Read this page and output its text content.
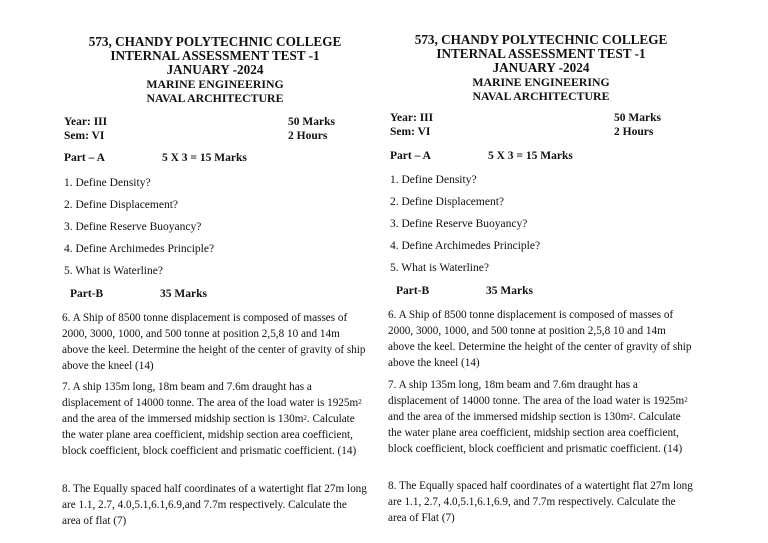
573, CHANDY POLYTECHNIC COLLEGE
INTERNAL ASSESSMENT TEST -1
JANUARY -2024
MARINE ENGINEERING
NAVAL ARCHITECTURE
Year: III	50 Marks
Sem: VI	2 Hours
Part – A	5 X 3 = 15 Marks
1. Define Density?
2. Define Displacement?
3. Define Reserve Buoyancy?
4. Define Archimedes Principle?
5. What is Waterline?
Part-B	35 Marks
6. A Ship of 8500 tonne displacement is composed of masses of 2000, 3000, 1000, and 500 tonne at position 2,5,8 10 and 14m above the keel. Determine the height of the center of gravity of ship above the kneel (14)
7. A ship 135m long, 18m beam and 7.6m draught has a displacement of 14000 tonne. The area of the load water is $1925m^2$ and the area of the immersed midship section is $130m^2$. Calculate the water plane area coefficient, midship section area coefficient, block coefficient, block coefficient and prismatic coefficient. (14)
8. The Equally spaced half coordinates of a watertight flat 27m long are 1.1, 2.7, 4.0,5.1,6.1,6.9,and 7.7m respectively. Calculate the area of flat (7)
573, CHANDY POLYTECHNIC COLLEGE
INTERNAL ASSESSMENT TEST -1
JANUARY -2024
MARINE ENGINEERING
NAVAL ARCHITECTURE
Year: III	50 Marks
Sem: VI	2 Hours
Part – A	5 X 3 = 15 Marks
1. Define Density?
2. Define Displacement?
3. Define Reserve Buoyancy?
4. Define Archimedes Principle?
5. What is Waterline?
Part-B	35 Marks
6. A Ship of 8500 tonne displacement is composed of masses of 2000, 3000, 1000, and 500 tonne at position 2,5,8 10 and 14m above the keel. Determine the height of the center of gravity of ship above the kneel (14)
7. A ship 135m long, 18m beam and 7.6m draught has a displacement of 14000 tonne. The area of the load water is $1925m^2$ and the area of the immersed midship section is $130m^2$. Calculate the water plane area coefficient, midship section area coefficient, block coefficient, block coefficient and prismatic coefficient. (14)
8. The Equally spaced half coordinates of a watertight flat 27m long are 1.1, 2.7, 4.0,5.1,6.1,6.9, and 7.7m respectively. Calculate the area of Flat (7)
